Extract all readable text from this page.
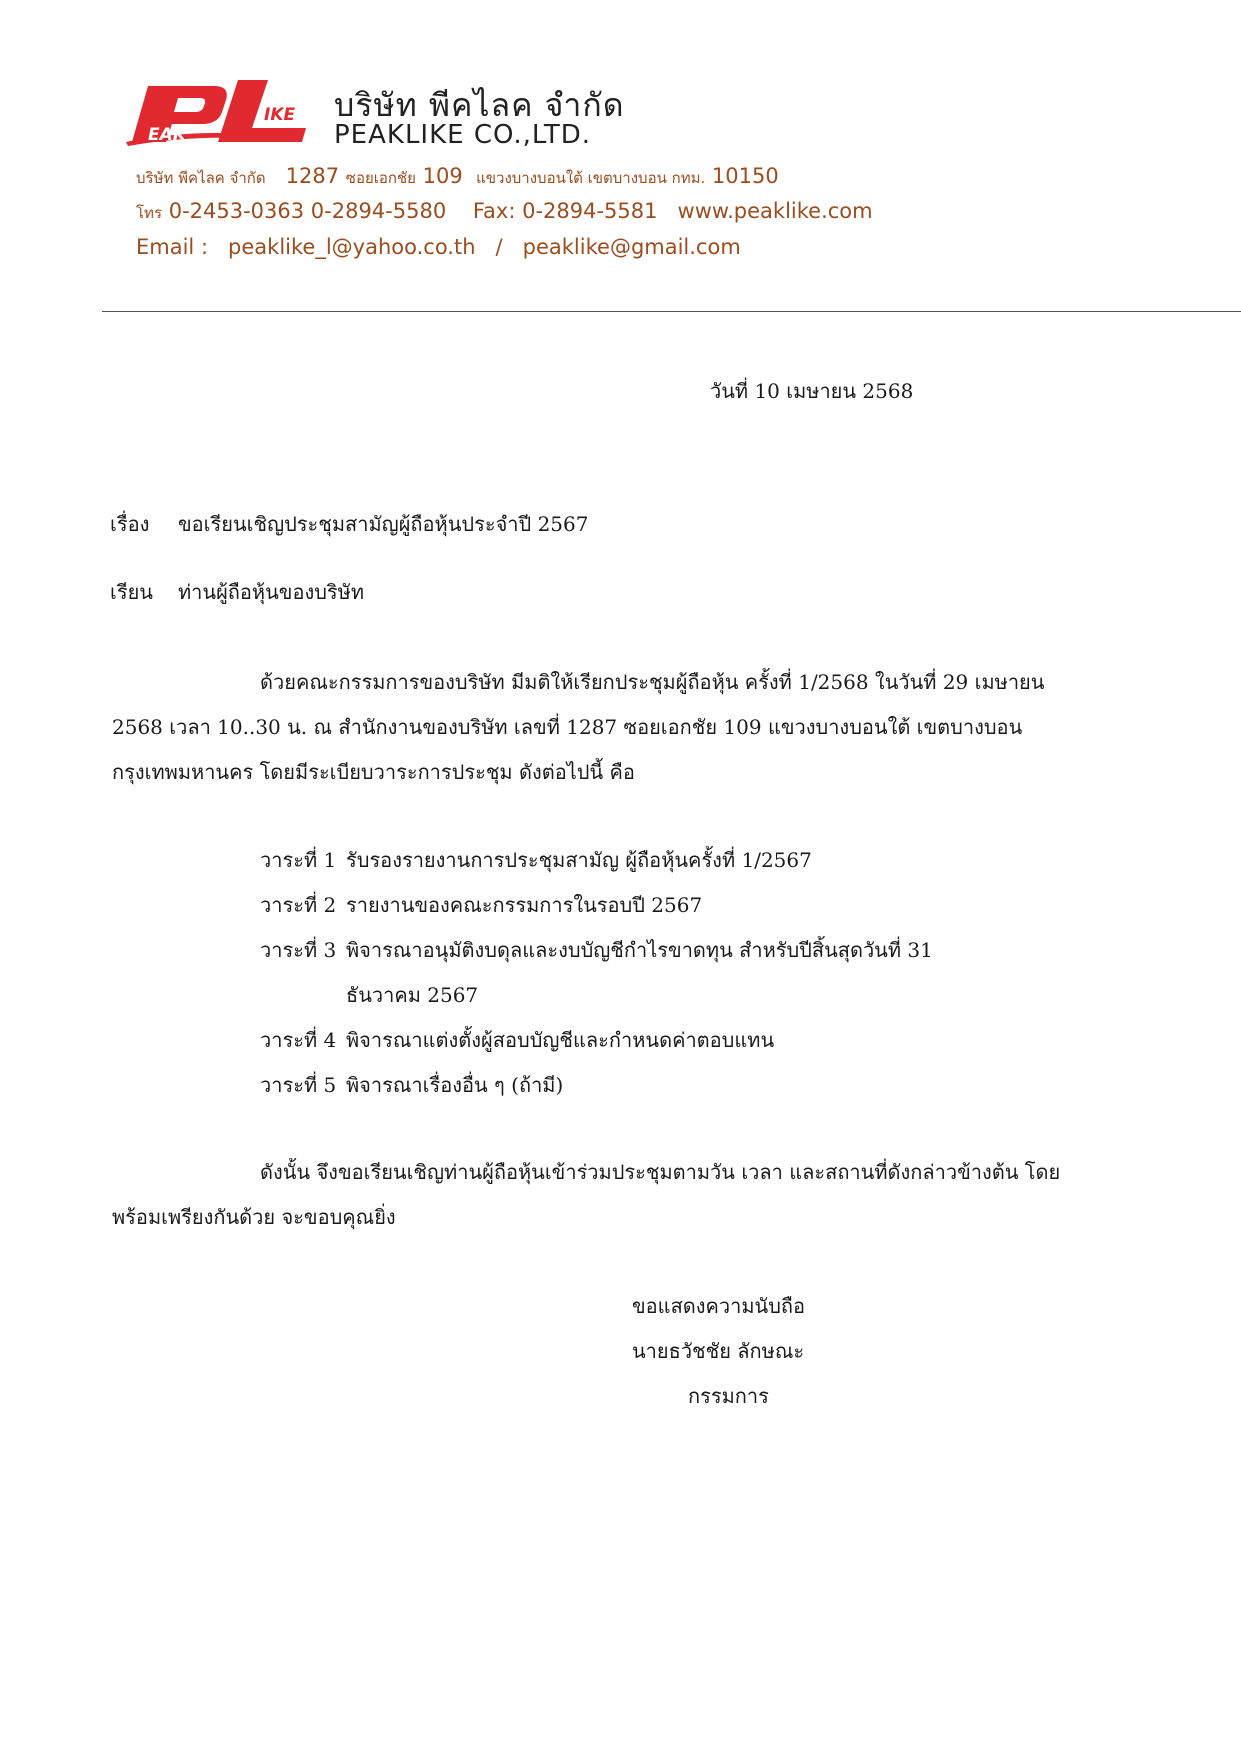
EAK
IKE บริษัท พีคไลค จำกัด
PEAKLIKE CO.,LTD.
บริษัท พีคไลค จำกัด 1287 ซอยเอกชัย 109 แขวงบางบอนใต้ เขตบางบอน กทม. 10150
โทร 0-2453-0363 0-2894-5580 Fax: 0-2894-5581 www.peaklike.com
Email : peaklike_l@yahoo.co.th / peaklike@gmail.com
วันที่ 10 เมษายน 2568
เรื่อง ขอเรียนเชิญประชุมสามัญผู้ถือหุ้นประจำปี 2567
เรียน ท่านผู้ถือหุ้นของบริษัท
ด้วยคณะกรรมการของบริษัท มีมติให้เรียกประชุมผู้ถือหุ้น ครั้งที่ 1/2568 ในวันที่ 29 เมษายน
2568 เวลา 10..30 น. ณ สำนักงานของบริษัท เลขที่ 1287 ซอยเอกชัย 109 แขวงบางบอนใต้ เขตบางบอน
กรุงเทพมหานคร โดยมีระเบียบวาระการประชุม ดังต่อไปนี้ คือ
วาระที่ 1 รับรองรายงานการประชุมสามัญ ผู้ถือหุ้นครั้งที่ 1/2567
วาระที่ 2 รายงานของคณะกรรมการในรอบปี 2567
วาระที่ 3 พิจารณาอนุมัติงบดุลและงบบัญชีกำไรขาดทุน สำหรับปีสิ้นสุดวันที่ 31
ธันวาคม 2567
วาระที่ 4 พิจารณาแต่งตั้งผู้สอบบัญชีและกำหนดค่าตอบแทน
วาระที่ 5 พิจารณาเรื่องอื่น ๆ (ถ้ามี)
ดังนั้น จึงขอเรียนเชิญท่านผู้ถือหุ้นเข้าร่วมประชุมตามวัน เวลา และสถานที่ดังกล่าวข้างต้น โดย
พร้อมเพรียงกันด้วย จะขอบคุณยิ่ง
ขอแสดงความนับถือ
นายธวัชชัย ลักษณะ
กรรมการ
